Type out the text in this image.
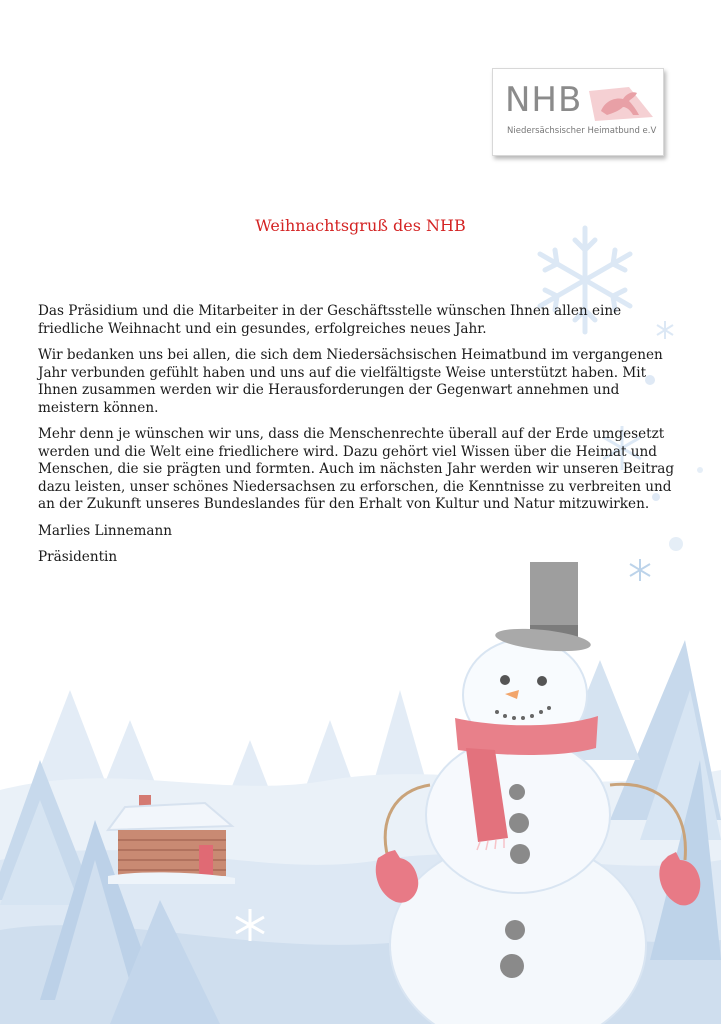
NHB
Niedersächsischer Heimatbund e.V
Weihnachtsgruß des NHB

Das Präsidium und die Mitarbeiter in der Geschäftsstelle wünschen Ihnen allen eine friedliche Weihnacht und ein gesundes, erfolgreiches neues Jahr.

Wir bedanken uns bei allen, die sich dem Niedersächsischen Heimatbund im vergangenen Jahr verbunden gefühlt haben und uns auf die vielfältigste Weise unterstützt haben. Mit Ihnen zusammen werden wir die Herausforderungen der Gegenwart annehmen und meistern können.

Mehr denn je wünschen wir uns, dass die Menschenrechte überall auf der Erde umgesetzt werden und die Welt eine friedlichere wird. Dazu gehört viel Wissen über die Heimat und Menschen, die sie prägten und formten. Auch im nächsten Jahr werden wir unseren Beitrag dazu leisten, unser schönes Niedersachsen zu erforschen, die Kenntnisse zu verbreiten und an der Zukunft unseres Bundeslandes für den Erhalt von Kultur und Natur mitzuwirken.

Marlies Linnemann

Präsidentin
